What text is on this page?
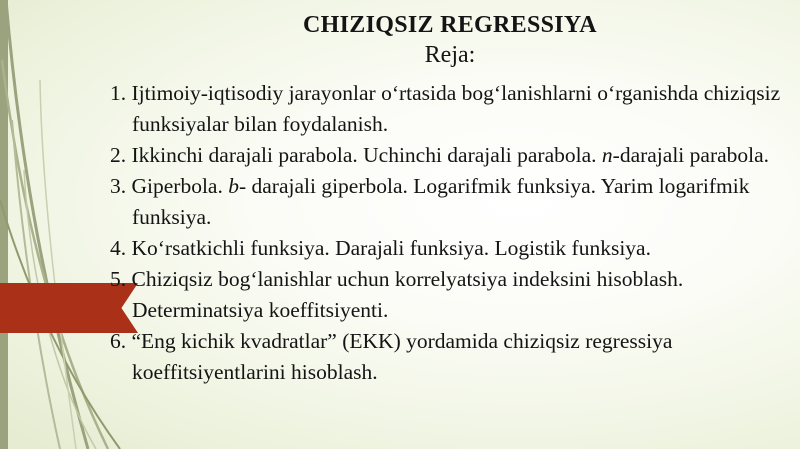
CHIZIQSIZ REGRESSIYA
Reja:
1. Ijtimoiy-iqtisodiy jarayonlar o‘rtasida bog‘lanishlarni o‘rganishda chiziqsiz funksiyalar bilan foydalanish.
2. Ikkinchi darajali parabola. Uchinchi darajali parabola. n-darajali parabola.
3. Giperbola. b- darajali giperbola. Logarifmik funksiya. Yarim logarifmik funksiya.
4. Ko‘rsatkichli funksiya. Darajali funksiya. Logistik funksiya.
5. Chiziqsiz bog‘lanishlar uchun korrelyatsiya indeksini hisoblash. Determinatsiya koeffitsiyenti.
6. “Eng kichik kvadratlar” (EKK) yordamida chiziqsiz regressiya koeffitsiyentlarini hisoblash.
